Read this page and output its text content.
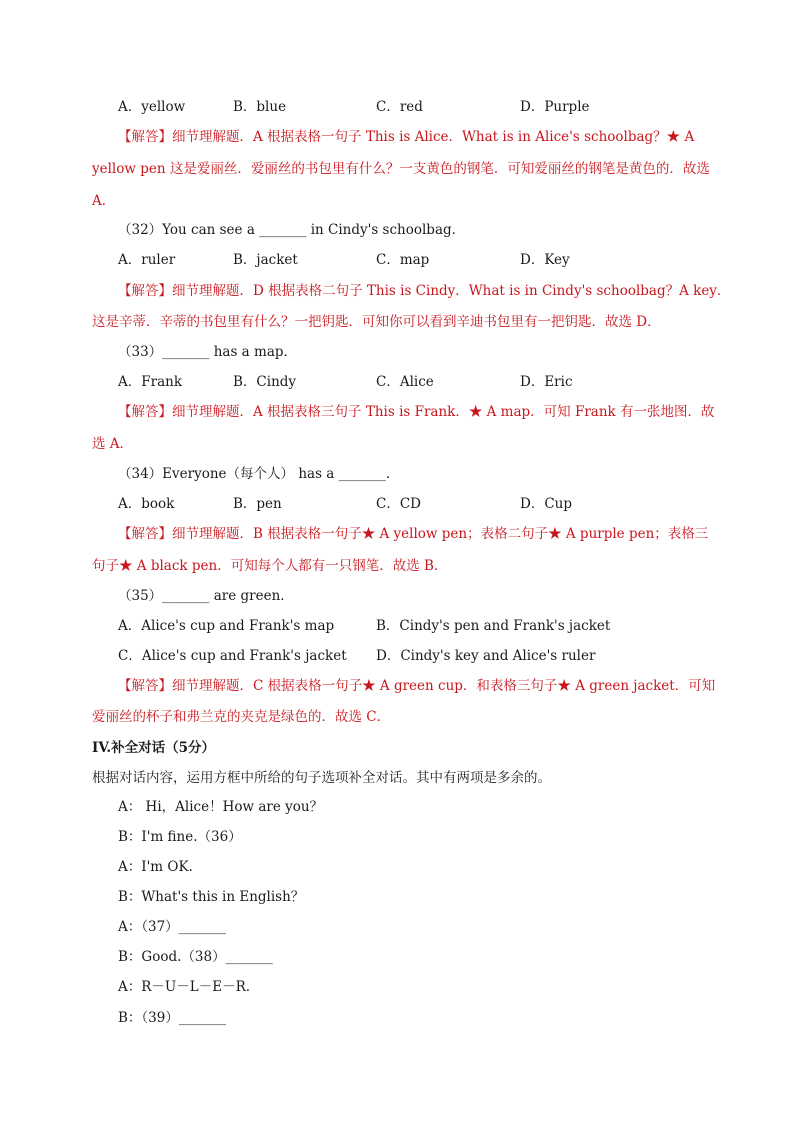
A．yellow	B．blue	C．red	D．Purple
【解答】细节理解题．A 根据表格一句子 This is Alice．What is in Alice's schoolbag？★ A
yellow pen 这是爱丽丝．爱丽丝的书包里有什么？一支黄色的钢笔．可知爱丽丝的钢笔是黄色的．故选
A．
（32）You can see a _______ in Cindy's schoolbag．
A．ruler	B．jacket	C．map	D．Key
【解答】细节理解题．D 根据表格二句子 This is Cindy．What is in Cindy's schoolbag？A key．
这是辛蒂．辛蒂的书包里有什么？一把钥匙．可知你可以看到辛迪书包里有一把钥匙．故选 D．
（33）_______ has a map．
A．Frank	B．Cindy	C．Alice	D．Eric
【解答】细节理解题．A 根据表格三句子 This is Frank．★ A map．可知 Frank 有一张地图．故
选 A．
（34）Everyone（每个人） has a _______．
A．book	B．pen	C．CD	D．Cup
【解答】细节理解题．B 根据表格一句子★ A yellow pen；表格二句子★ A purple pen；表格三
句子★ A black pen．可知每个人都有一只钢笔．故选 B．
（35）_______ are green．
A．Alice's cup and Frank's map	B．Cindy's pen and Frank's jacket
C．Alice's cup and Frank's jacket D．Cindy's key and Alice's ruler
【解答】细节理解题．C 根据表格一句子★ A green cup．和表格三句子★ A green jacket．可知
爱丽丝的杯子和弗兰克的夹克是绿色的．故选 C．
IV.补全对话（5分）
根据对话内容，运用方框中所给的句子选项补全对话。其中有两项是多余的。
A： Hi，Alice！How are you？
B：I'm fine.（36）
A：I'm OK.
B：What's this in English？
A：（37）_______
B：Good.（38）_______
A：R－U－L－E－R.
B：（39）_______
